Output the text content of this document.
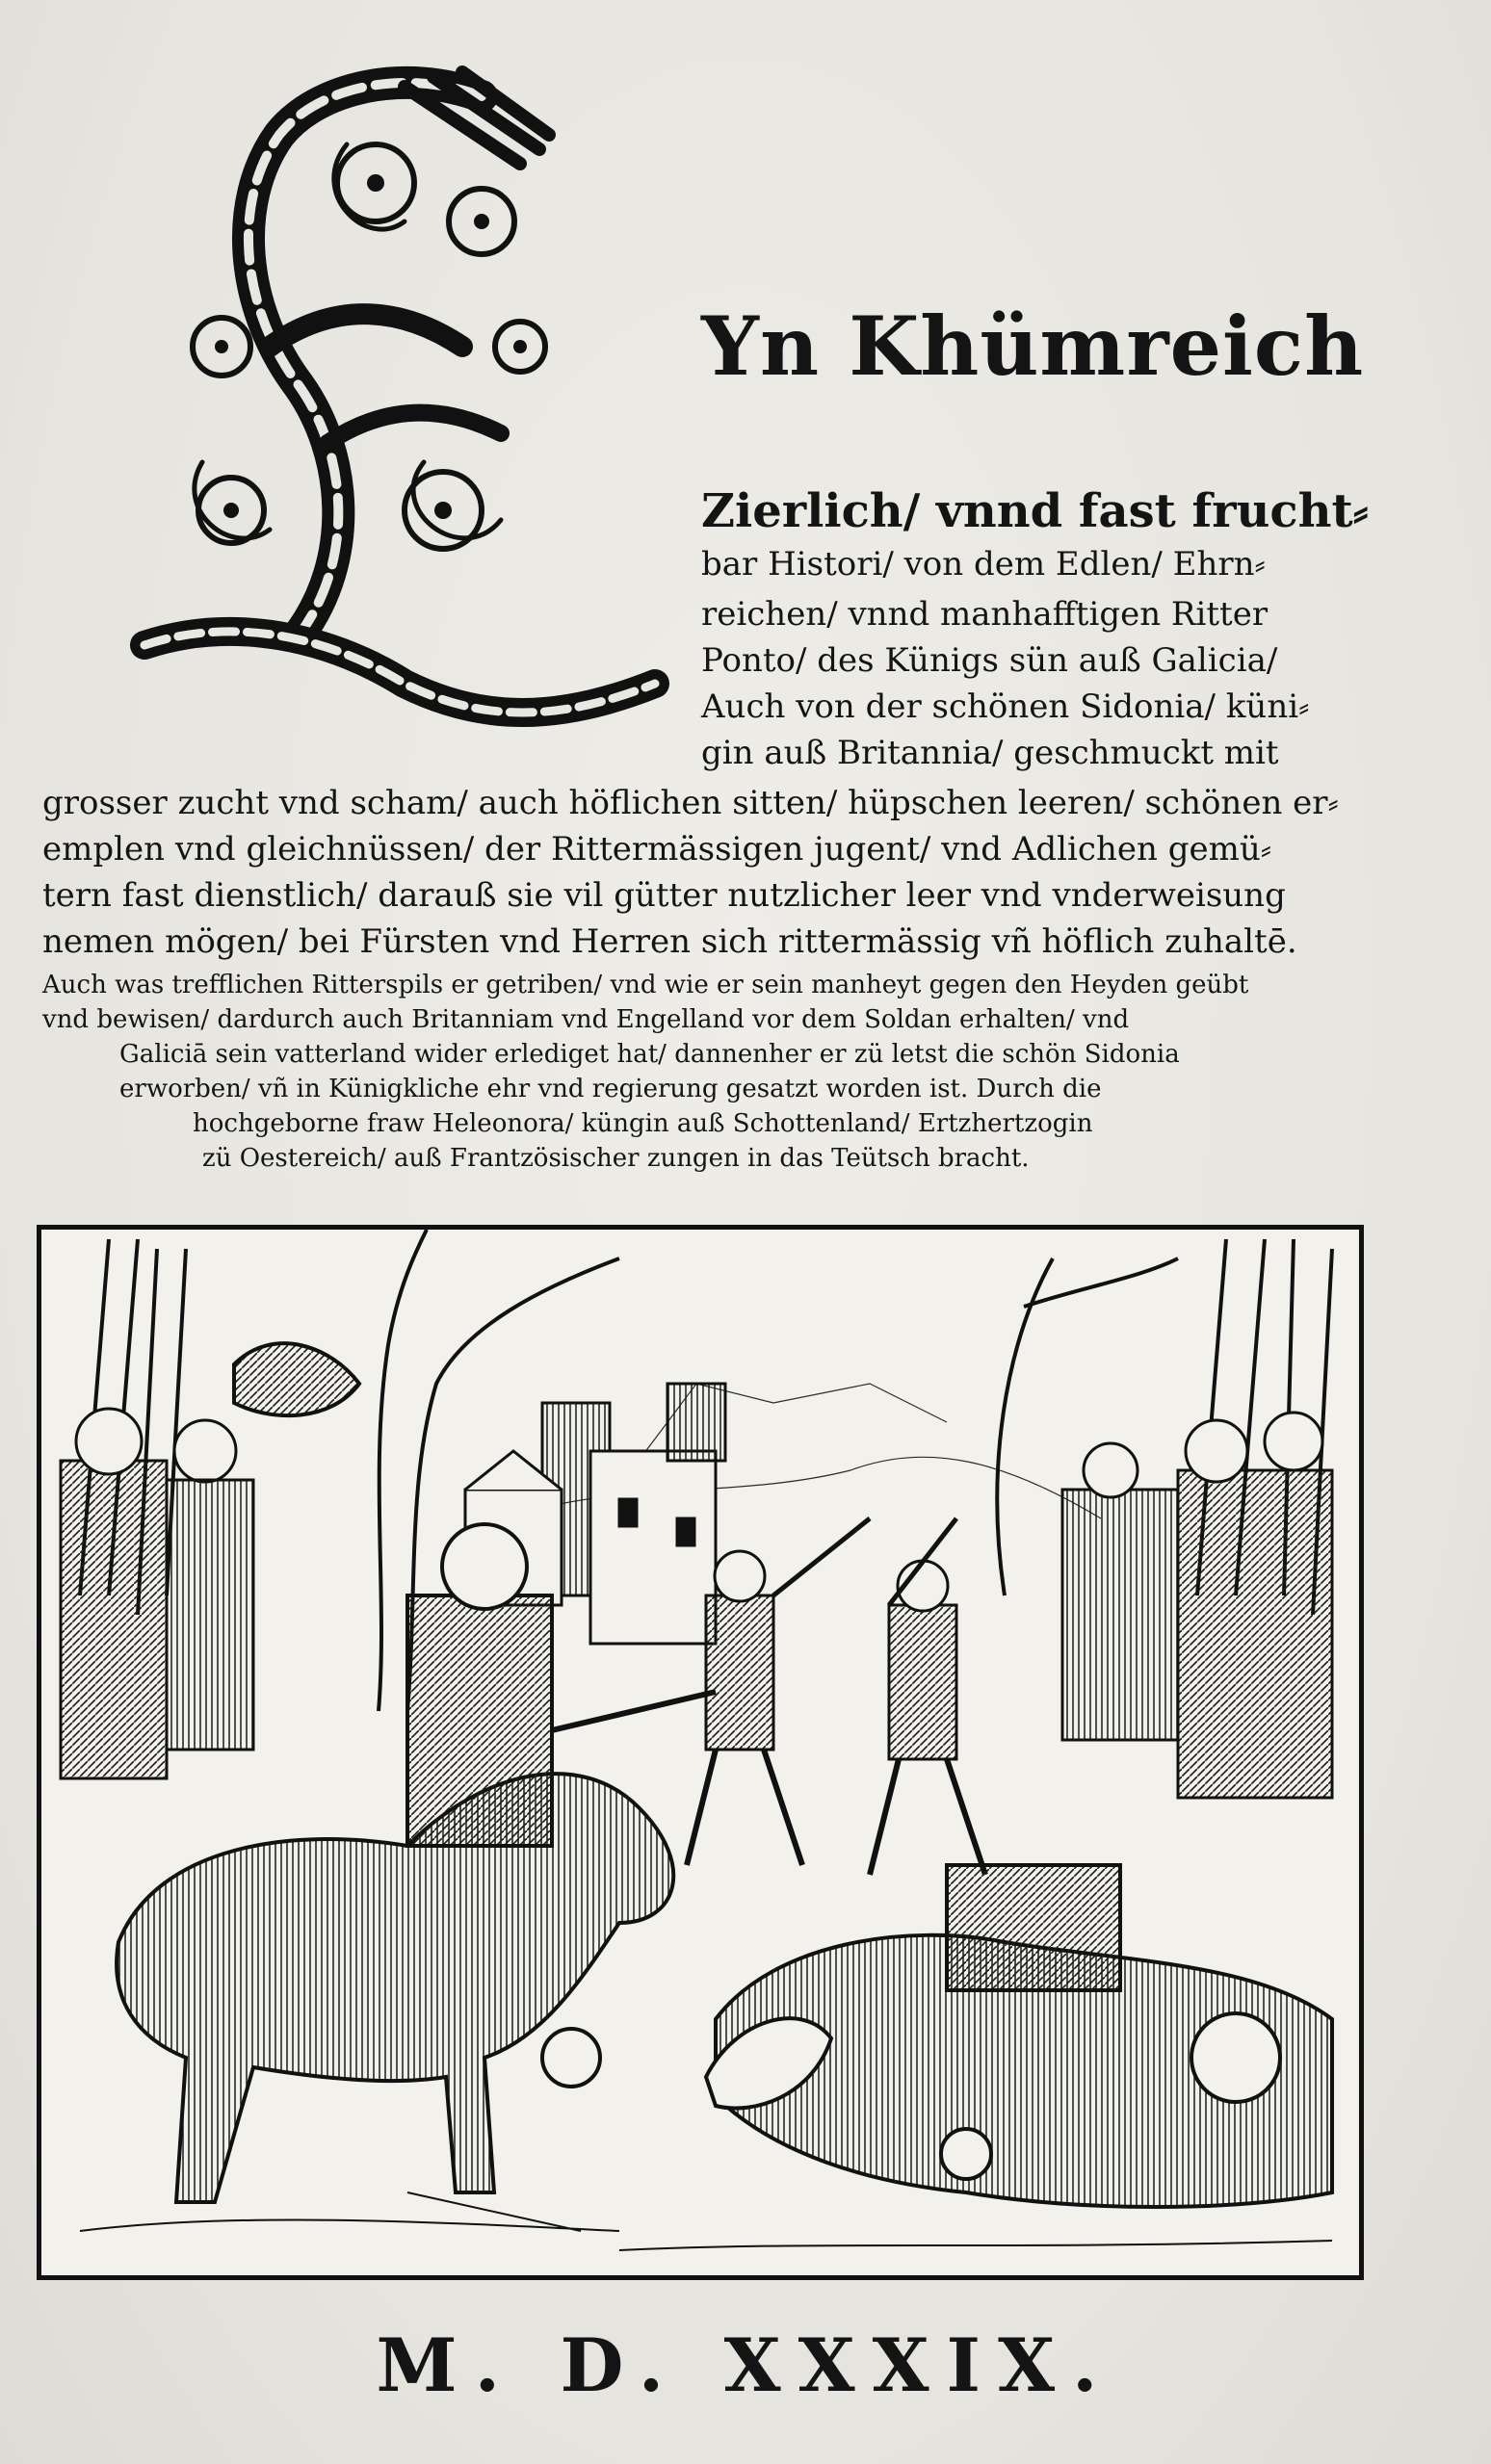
Yn Khümreich
Zierlich/ vnnd fast frucht⸗
bar Histori/ von dem Edlen/ Ehrn⸗
reichen/ vnnd manhafftigen Ritter
Ponto/ des Künigs sün auß Galicia/
Auch von der schönen Sidonia/ küni⸗
gin auß Britannia/ geschmuckt mit
grosser zucht vnd scham/ auch höflichen sitten/ hüpschen leeren/ schönen er⸗
emplen vnd gleichnüssen/ der Rittermässigen jugent/ vnd Adlichen gemü⸗
tern fast dienstlich/ darauß sie vil gütter nutzlicher leer vnd vnderweisung
nemen mögen/ bei Fürsten vnd Herren sich rittermässig vñ höflich zuhaltē.
Auch was trefflichen Ritterspils er getriben/ vnd wie er sein manheyt gegen den Heyden geübt
vnd bewisen/ dardurch auch Britanniam vnd Engelland vor dem Soldan erhalten/ vnd
Galiciā sein vatterland wider erlediget hat/ dannenher er zü letst die schön Sidonia
erworben/ vñ in Künigkliche ehr vnd regierung gesatzt worden ist. Durch die
hochgeborne fraw Heleonora/ küngin auß Schottenland/ Ertzhertzogin
zü Oestereich/ auß Frantzösischer zungen in das Teütsch bracht.
M. D. XXXIX.
